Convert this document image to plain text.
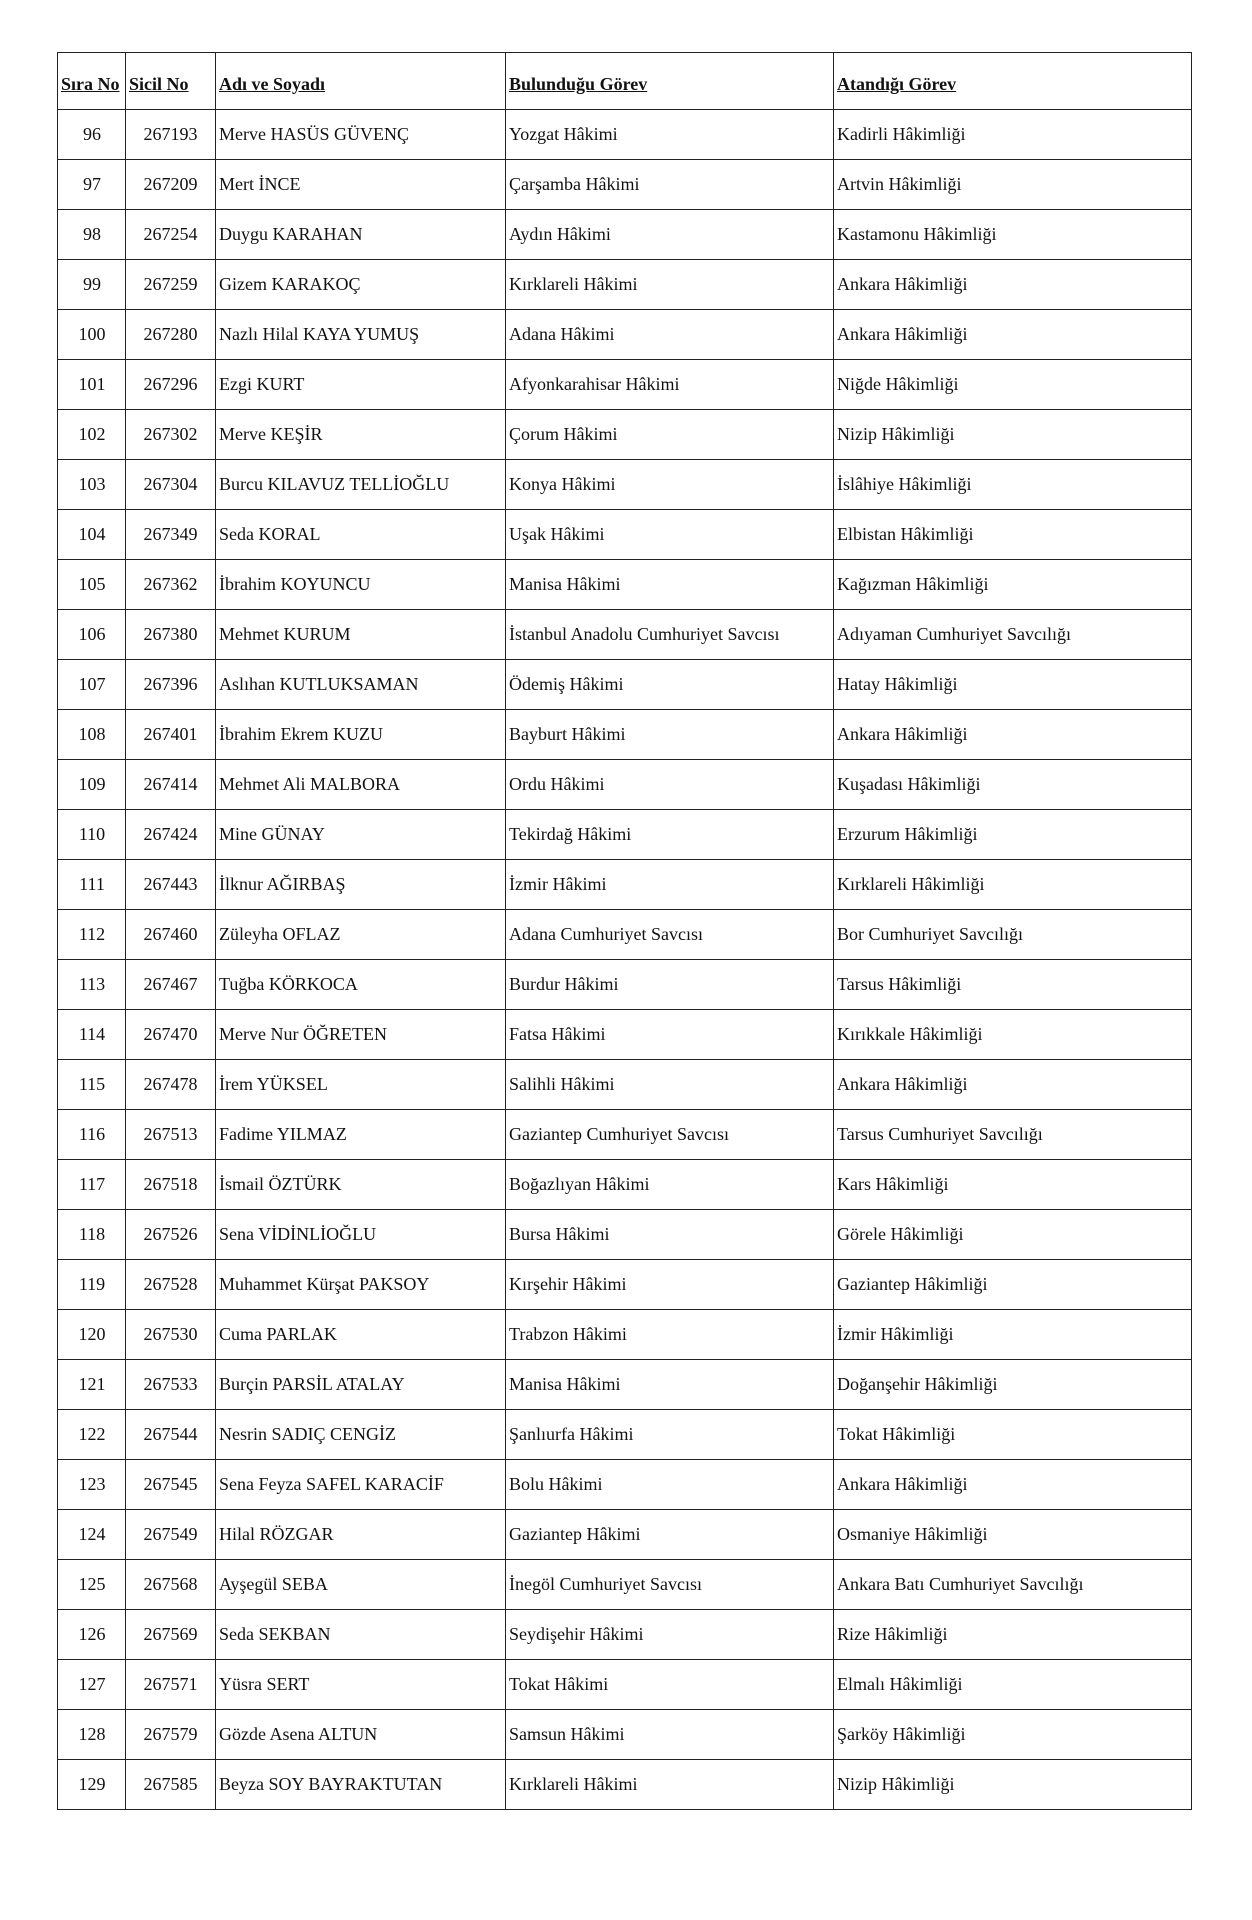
Sıra No	Sicil No	Adı ve Soyadı	Bulunduğu Görev	Atandığı Görev
96	267193	Merve HASÜS GÜVENÇ	Yozgat Hâkimi	Kadirli Hâkimliği
97	267209	Mert İNCE	Çarşamba Hâkimi	Artvin Hâkimliği
98	267254	Duygu KARAHAN	Aydın Hâkimi	Kastamonu Hâkimliği
99	267259	Gizem KARAKOÇ	Kırklareli Hâkimi	Ankara Hâkimliği
100	267280	Nazlı Hilal KAYA YUMUŞ	Adana Hâkimi	Ankara Hâkimliği
101	267296	Ezgi KURT	Afyonkarahisar Hâkimi	Niğde Hâkimliği
102	267302	Merve KEŞİR	Çorum Hâkimi	Nizip Hâkimliği
103	267304	Burcu KILAVUZ TELLİOĞLU	Konya Hâkimi	İslâhiye Hâkimliği
104	267349	Seda KORAL	Uşak Hâkimi	Elbistan Hâkimliği
105	267362	İbrahim KOYUNCU	Manisa Hâkimi	Kağızman Hâkimliği
106	267380	Mehmet KURUM	İstanbul Anadolu Cumhuriyet Savcısı	Adıyaman Cumhuriyet Savcılığı
107	267396	Aslıhan KUTLUKSAMAN	Ödemiş Hâkimi	Hatay Hâkimliği
108	267401	İbrahim Ekrem KUZU	Bayburt Hâkimi	Ankara Hâkimliği
109	267414	Mehmet Ali MALBORA	Ordu Hâkimi	Kuşadası Hâkimliği
110	267424	Mine GÜNAY	Tekirdağ Hâkimi	Erzurum Hâkimliği
111	267443	İlknur AĞIRBAŞ	İzmir Hâkimi	Kırklareli Hâkimliği
112	267460	Züleyha OFLAZ	Adana Cumhuriyet Savcısı	Bor Cumhuriyet Savcılığı
113	267467	Tuğba KÖRKOCA	Burdur Hâkimi	Tarsus Hâkimliği
114	267470	Merve Nur ÖĞRETEN	Fatsa Hâkimi	Kırıkkale Hâkimliği
115	267478	İrem YÜKSEL	Salihli Hâkimi	Ankara Hâkimliği
116	267513	Fadime YILMAZ	Gaziantep Cumhuriyet Savcısı	Tarsus Cumhuriyet Savcılığı
117	267518	İsmail ÖZTÜRK	Boğazlıyan Hâkimi	Kars Hâkimliği
118	267526	Sena VİDİNLİOĞLU	Bursa Hâkimi	Görele Hâkimliği
119	267528	Muhammet Kürşat PAKSOY	Kırşehir Hâkimi	Gaziantep Hâkimliği
120	267530	Cuma PARLAK	Trabzon Hâkimi	İzmir Hâkimliği
121	267533	Burçin PARSİL ATALAY	Manisa Hâkimi	Doğanşehir Hâkimliği
122	267544	Nesrin SADIÇ CENGİZ	Şanlıurfa Hâkimi	Tokat Hâkimliği
123	267545	Sena Feyza SAFEL KARACİF	Bolu Hâkimi	Ankara Hâkimliği
124	267549	Hilal RÖZGAR	Gaziantep Hâkimi	Osmaniye Hâkimliği
125	267568	Ayşegül SEBA	İnegöl Cumhuriyet Savcısı	Ankara Batı Cumhuriyet Savcılığı
126	267569	Seda SEKBAN	Seydişehir Hâkimi	Rize Hâkimliği
127	267571	Yüsra SERT	Tokat Hâkimi	Elmalı Hâkimliği
128	267579	Gözde Asena ALTUN	Samsun Hâkimi	Şarköy Hâkimliği
129	267585	Beyza SOY BAYRAKTUTAN	Kırklareli Hâkimi	Nizip Hâkimliği
